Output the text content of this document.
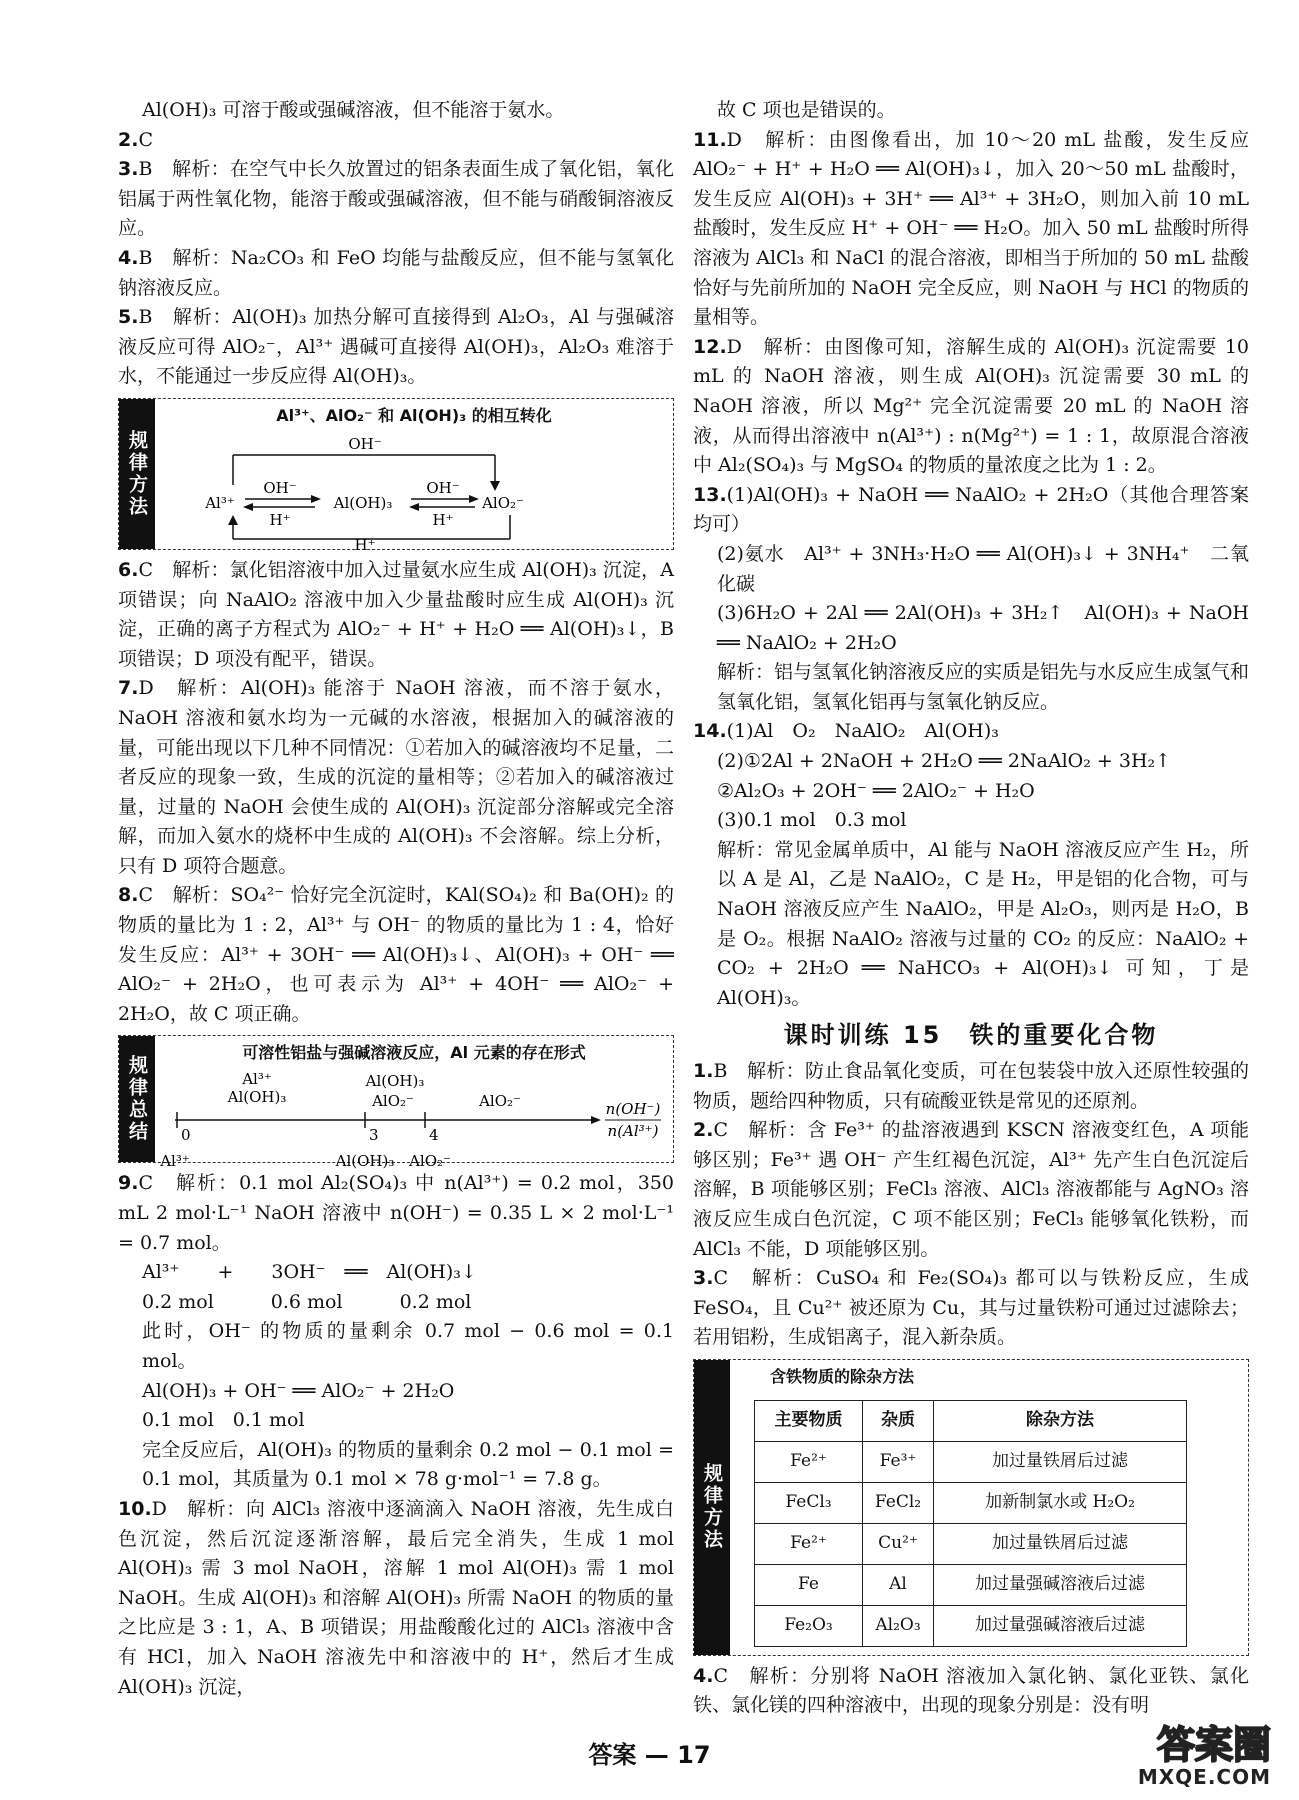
Al(OH)₃ 可溶于酸或强碱溶液，但不能溶于氨水。

2.C

3.B　解析：在空气中长久放置过的铝条表面生成了氧化铝，氧化铝属于两性氧化物，能溶于酸或强碱溶液，但不能与硝酸铜溶液反应。

4.B　解析：Na₂CO₃ 和 FeO 均能与盐酸反应，但不能与氢氧化钠溶液反应。

5.B　解析：Al(OH)₃ 加热分解可直接得到 Al₂O₃，Al 与强碱溶液反应可得 AlO₂⁻，Al³⁺ 遇碱可直接得 Al(OH)₃，Al₂O₃ 难溶于水，不能通过一步反应得 Al(OH)₃。

规律方法
Al³⁺、AlO₂⁻ 和 Al(OH)₃ 的相互转化
OH⁻
Al³⁺	Al(OH)₃	AlO₂⁻
OH⁻
H⁺
OH⁻
H⁺
H⁺

6.C　解析：氯化铝溶液中加入过量氨水应生成 Al(OH)₃ 沉淀，A 项错误；向 NaAlO₂ 溶液中加入少量盐酸时应生成 Al(OH)₃ 沉淀，正确的离子方程式为 AlO₂⁻ + H⁺ + H₂O ══ Al(OH)₃↓，B 项错误；D 项没有配平，错误。

7.D　解析：Al(OH)₃ 能溶于 NaOH 溶液，而不溶于氨水，NaOH 溶液和氨水均为一元碱的水溶液，根据加入的碱溶液的量，可能出现以下几种不同情况：①若加入的碱溶液均不足量，二者反应的现象一致，生成的沉淀的量相等；②若加入的碱溶液过量，过量的 NaOH 会使生成的 Al(OH)₃ 沉淀部分溶解或完全溶解，而加入氨水的烧杯中生成的 Al(OH)₃ 不会溶解。综上分析，只有 D 项符合题意。

8.C　解析：SO₄²⁻ 恰好完全沉淀时，KAl(SO₄)₂ 和 Ba(OH)₂ 的物质的量比为 1 : 2，Al³⁺ 与 OH⁻ 的物质的量比为 1 : 4，恰好发生反应：Al³⁺ + 3OH⁻ ══ Al(OH)₃↓、Al(OH)₃ + OH⁻ ══ AlO₂⁻ + 2H₂O，也可表示为 Al³⁺ + 4OH⁻ ══ AlO₂⁻ + 2H₂O，故 C 项正确。

规律总结
可溶性铝盐与强碱溶液反应，Al 元素的存在形式
Al³⁺
Al(OH)₃
Al(OH)₃
AlO₂⁻	AlO₂⁻
0	3	4
Al³⁺	Al(OH)₃ AlO₂⁻
n(OH⁻)
n(Al³⁺)

9.C　解析：0.1 mol Al₂(SO₄)₃ 中 n(Al³⁺) = 0.2 mol，350 mL 2 mol·L⁻¹ NaOH 溶液中 n(OH⁻) = 0.35 L × 2 mol·L⁻¹ = 0.7 mol。

Al³⁺　　+　　3OH⁻　══　Al(OH)₃↓

0.2 mol　　　0.6 mol　　　0.2 mol

此时，OH⁻ 的物质的量剩余 0.7 mol − 0.6 mol = 0.1 mol。

Al(OH)₃ + OH⁻ ══ AlO₂⁻ + 2H₂O

0.1 mol　0.1 mol

完全反应后，Al(OH)₃ 的物质的量剩余 0.2 mol − 0.1 mol = 0.1 mol，其质量为 0.1 mol × 78 g·mol⁻¹ = 7.8 g。

10.D　解析：向 AlCl₃ 溶液中逐滴滴入 NaOH 溶液，先生成白色沉淀，然后沉淀逐渐溶解，最后完全消失，生成 1 mol Al(OH)₃ 需 3 mol NaOH，溶解 1 mol Al(OH)₃ 需 1 mol NaOH。生成 Al(OH)₃ 和溶解 Al(OH)₃ 所需 NaOH 的物质的量之比应是 3 : 1，A、B 项错误；用盐酸酸化过的 AlCl₃ 溶液中含有 HCl，加入 NaOH 溶液先中和溶液中的 H⁺，然后才生成 Al(OH)₃ 沉淀，

故 C 项也是错误的。

11.D　解析：由图像看出，加 10～20 mL 盐酸，发生反应 AlO₂⁻ + H⁺ + H₂O ══ Al(OH)₃↓，加入 20～50 mL 盐酸时，发生反应 Al(OH)₃ + 3H⁺ ══ Al³⁺ + 3H₂O，则加入前 10 mL 盐酸时，发生反应 H⁺ + OH⁻ ══ H₂O。加入 50 mL 盐酸时所得溶液为 AlCl₃ 和 NaCl 的混合溶液，即相当于所加的 50 mL 盐酸恰好与先前所加的 NaOH 完全反应，则 NaOH 与 HCl 的物质的量相等。

12.D　解析：由图像可知，溶解生成的 Al(OH)₃ 沉淀需要 10 mL 的 NaOH 溶液，则生成 Al(OH)₃ 沉淀需要 30 mL 的 NaOH 溶液，所以 Mg²⁺ 完全沉淀需要 20 mL 的 NaOH 溶液，从而得出溶液中 n(Al³⁺) : n(Mg²⁺) = 1 : 1，故原混合溶液中 Al₂(SO₄)₃ 与 MgSO₄ 的物质的量浓度之比为 1 : 2。

13.(1)Al(OH)₃ + NaOH ══ NaAlO₂ + 2H₂O（其他合理答案均可）

(2)氨水　Al³⁺ + 3NH₃·H₂O ══ Al(OH)₃↓ + 3NH₄⁺　二氧化碳

(3)6H₂O + 2Al ══ 2Al(OH)₃ + 3H₂↑　Al(OH)₃ + NaOH ══ NaAlO₂ + 2H₂O

解析：铝与氢氧化钠溶液反应的实质是铝先与水反应生成氢气和氢氧化铝，氢氧化铝再与氢氧化钠反应。

14.(1)Al　O₂　NaAlO₂　Al(OH)₃

(2)①2Al + 2NaOH + 2H₂O ══ 2NaAlO₂ + 3H₂↑

②Al₂O₃ + 2OH⁻ ══ 2AlO₂⁻ + H₂O

(3)0.1 mol　0.3 mol

解析：常见金属单质中，Al 能与 NaOH 溶液反应产生 H₂，所以 A 是 Al，乙是 NaAlO₂，C 是 H₂，甲是铝的化合物，可与 NaOH 溶液反应产生 NaAlO₂，甲是 Al₂O₃，则丙是 H₂O，B 是 O₂。根据 NaAlO₂ 溶液与过量的 CO₂ 的反应：NaAlO₂ + CO₂ + 2H₂O ══ NaHCO₃ + Al(OH)₃↓ 可知，丁是 Al(OH)₃。

课时训练 15　铁的重要化合物

1.B　解析：防止食品氧化变质，可在包装袋中放入还原性较强的物质，题给四种物质，只有硫酸亚铁是常见的还原剂。

2.C　解析：含 Fe³⁺ 的盐溶液遇到 KSCN 溶液变红色，A 项能够区别；Fe³⁺ 遇 OH⁻ 产生红褐色沉淀，Al³⁺ 先产生白色沉淀后溶解，B 项能够区别；FeCl₃ 溶液、AlCl₃ 溶液都能与 AgNO₃ 溶液反应生成白色沉淀，C 项不能区别；FeCl₃ 能够氧化铁粉，而 AlCl₃ 不能，D 项能够区别。

3.C　解析：CuSO₄ 和 Fe₂(SO₄)₃ 都可以与铁粉反应，生成 FeSO₄，且 Cu²⁺ 被还原为 Cu，其与过量铁粉可通过过滤除去；若用铝粉，生成铝离子，混入新杂质。

规律方法
含铁物质的除杂方法
主要物质	杂质	除杂方法
Fe²⁺	Fe³⁺	加过量铁屑后过滤
FeCl₃	FeCl₂	加新制氯水或 H₂O₂
Fe²⁺	Cu²⁺	加过量铁屑后过滤
Fe	Al	加过量强碱溶液后过滤
Fe₂O₃	Al₂O₃	加过量强碱溶液后过滤

4.C　解析：分别将 NaOH 溶液加入氯化钠、氯化亚铁、氯化铁、氯化镁的四种溶液中，出现的现象分别是：没有明

答案 — 17	答案圈
MXQE.COM
